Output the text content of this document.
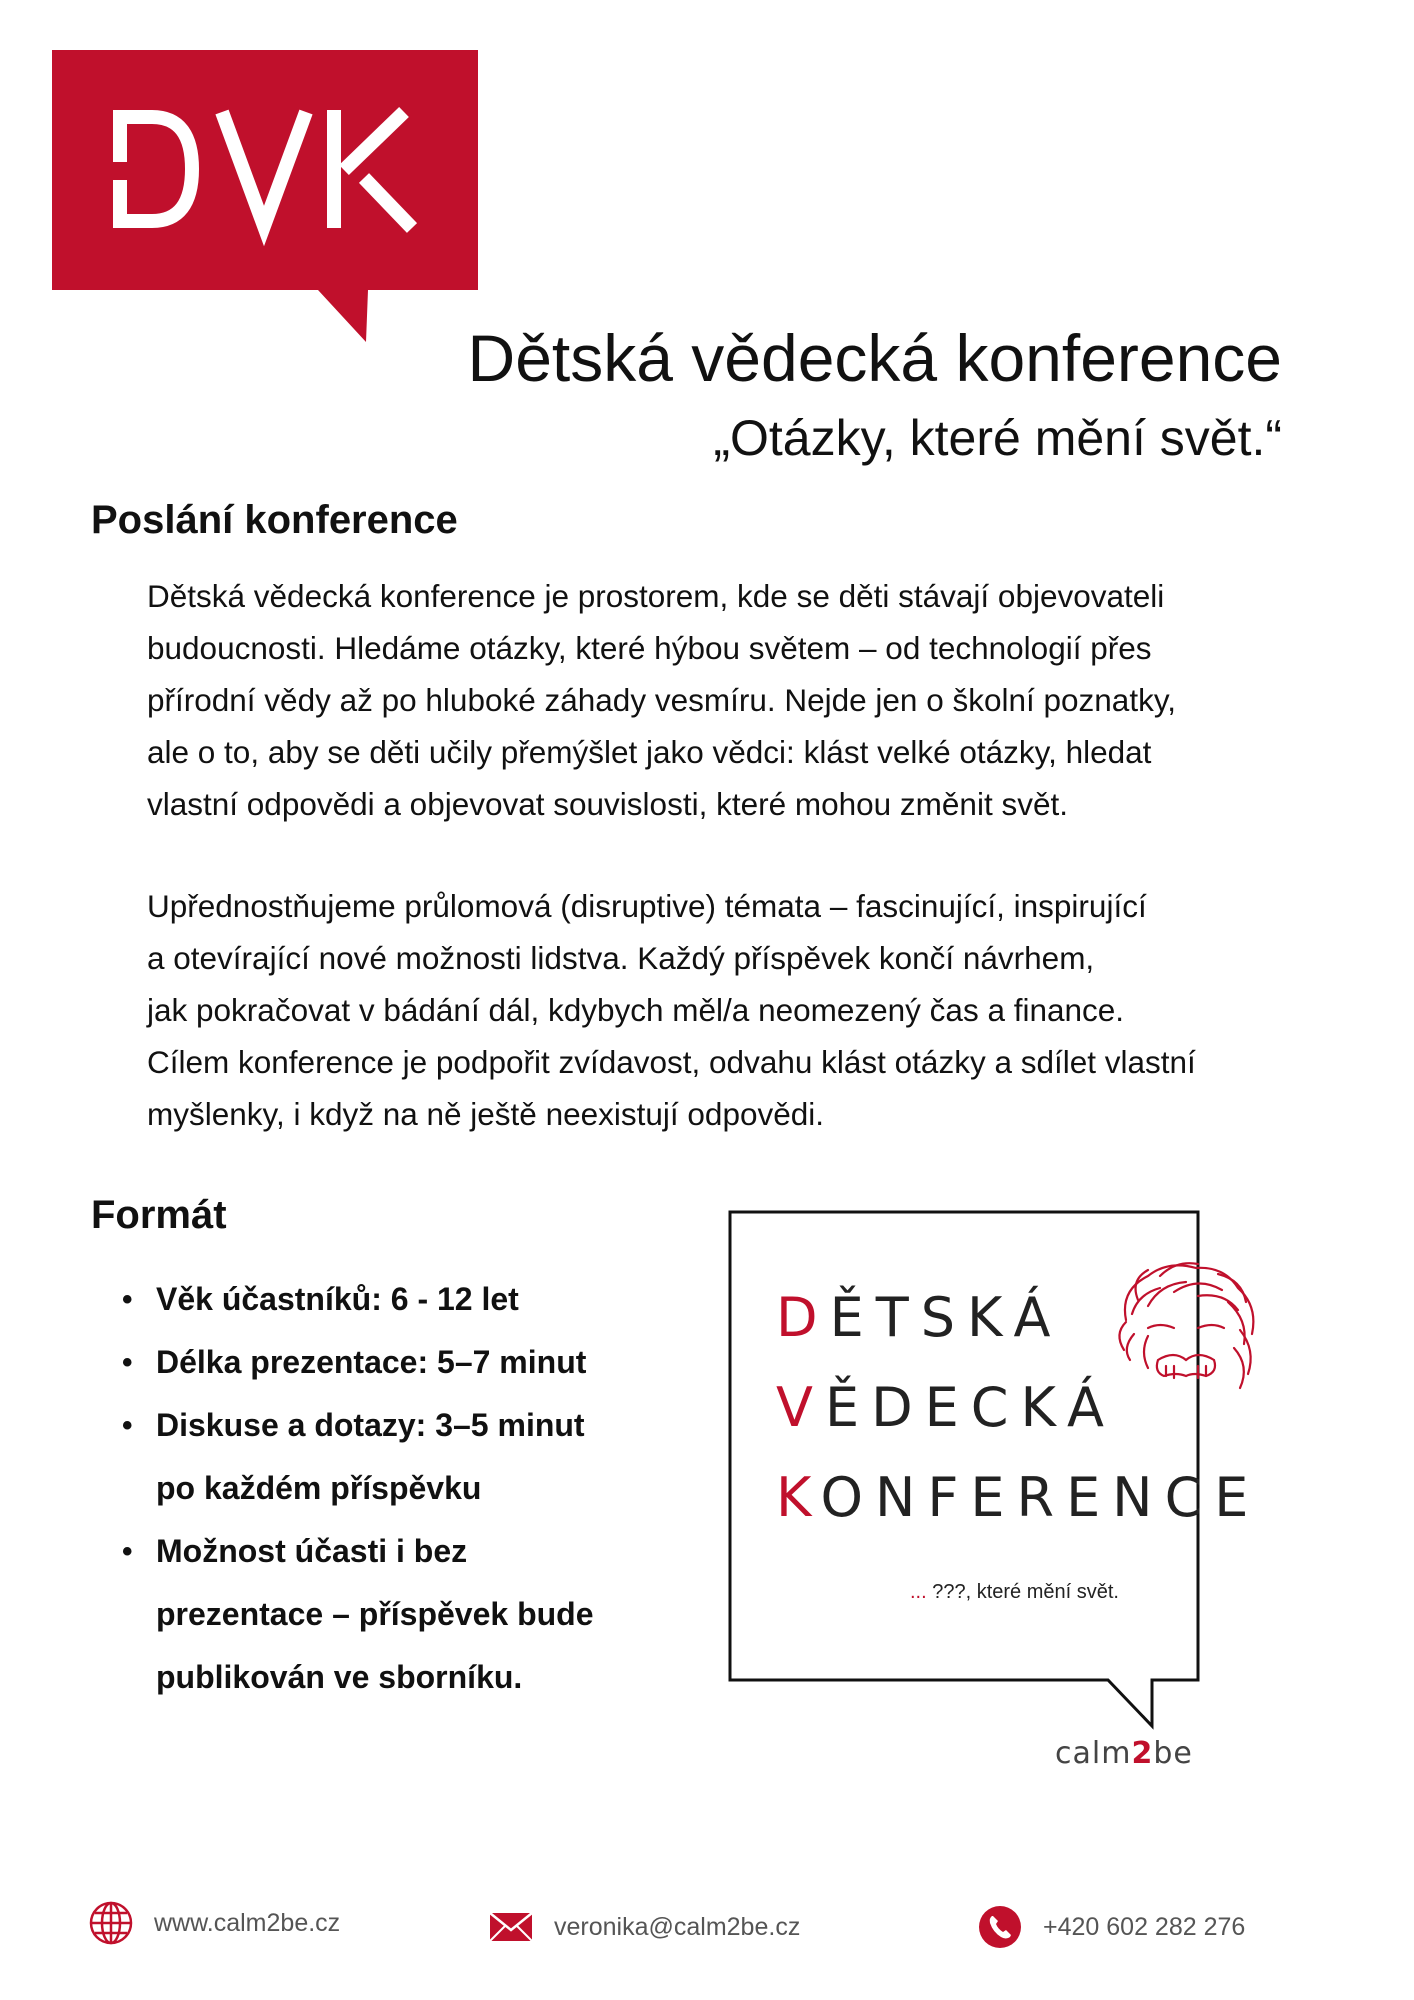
Dětská vědecká konference
„Otázky, které mění svět.“
Poslání konference

Dětská vědecká konference je prostorem, kde se děti stávají objevovateli

budoucnosti. Hledáme otázky, které hýbou světem – od technologií přes

přírodní vědy až po hluboké záhady vesmíru. Nejde jen o školní poznatky,

ale o to, aby se děti učily přemýšlet jako vědci: klást velké otázky, hledat

vlastní odpovědi a objevovat souvislosti, které mohou změnit svět.

Upřednostňujeme průlomová (disruptive) témata – fascinující, inspirující

a otevírající nové možnosti lidstva. Každý příspěvek končí návrhem,

jak pokračovat v bádání dál, kdybych měl/a neomezený čas a finance.

Cílem konference je podpořit zvídavost, odvahu klást otázky a sdílet vlastní

myšlenky, i když na ně ještě neexistují odpovědi.

Formát
• Věk účastníků: 6 - 12 let
• Délka prezentace: 5–7 minut
• Diskuse a dotazy: 3–5 minut
po každém příspěvku
• Možnost účasti i bez
prezentace – příspěvek bude
publikován ve sborníku.
DĚTSKÁ
VĚDECKÁ
KONFERENCE
... ???, které mění svět.
calm2be
www.calm2be.cz	veronika@calm2be.cz	+420 602 282 276
